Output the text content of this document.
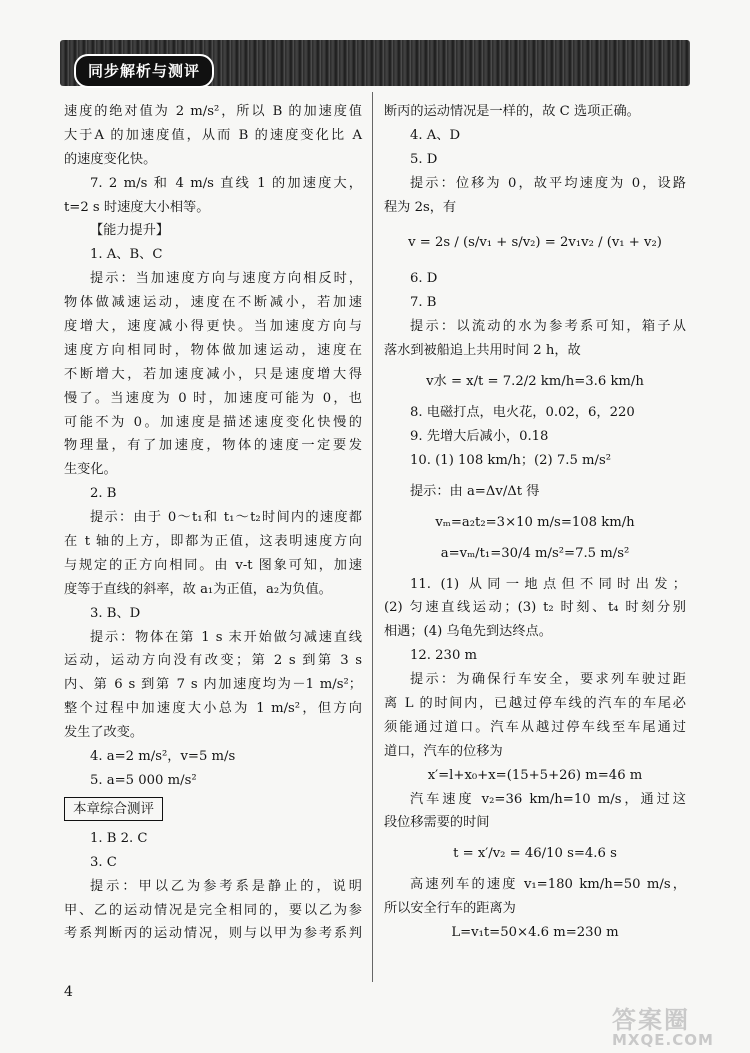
同步解析与测评
速度的绝对值为 2 m/s²，所以 B 的加速度值
大于A 的加速度值，从而 B 的速度变化比 A
的速度变化快。
7. 2 m/s 和 4 m/s 直线 1 的加速度大，
t=2 s 时速度大小相等。
【能力提升】
1. A、B、C
提示：当加速度方向与速度方向相反时，
物体做减速运动，速度在不断减小，若加速
度增大，速度减小得更快。当加速度方向与
速度方向相同时，物体做加速运动，速度在
不断增大，若加速度减小，只是速度增大得
慢了。当速度为 0 时，加速度可能为 0，也
可能不为 0。加速度是描述速度变化快慢的
物理量，有了加速度，物体的速度一定要发
生变化。
2. B
提示：由于 0～t₁和 t₁～t₂时间内的速度都
在 t 轴的上方，即都为正值，这表明速度方向
与规定的正方向相同。由 v-t 图象可知，加速
度等于直线的斜率，故 a₁为正值，a₂为负值。
3. B、D
提示：物体在第 1 s 末开始做匀减速直线
运动，运动方向没有改变；第 2 s 到第 3 s
内、第 6 s 到第 7 s 内加速度均为－1 m/s²；
整个过程中加速度大小总为 1 m/s²，但方向
发生了改变。
4. a=2 m/s²，v=5 m/s
5. a=5 000 m/s²
本章综合测评
1. B 2. C
3. C
提示：甲以乙为参考系是静止的，说明
甲、乙的运动情况是完全相同的，要以乙为参
考系判断丙的运动情况，则与以甲为参考系判
断丙的运动情况是一样的，故 C 选项正确。
4. A、D
5. D
提示：位移为 0，故平均速度为 0，设路
程为 2s，有
v = 2s / (s/v₁ + s/v₂) = 2v₁v₂ / (v₁ + v₂)
6. D
7. B
提示：以流动的水为参考系可知，箱子从
落水到被船追上共用时间 2 h，故
v水 = x/t = 7.2/2 km/h=3.6 km/h
8. 电磁打点，电火花，0.02，6，220
9. 先增大后减小，0.18
10. (1) 108 km/h；(2) 7.5 m/s²
提示：由 a=Δv/Δt 得
vₘ=a₂t₂=3×10 m/s=108 km/h
a=vₘ/t₁=30/4 m/s²=7.5 m/s²
11. (1) 从同一地点但不同时出发；
(2) 匀速直线运动；(3) t₂ 时刻、t₄ 时刻分别
相遇；(4) 乌龟先到达终点。
12. 230 m
提示：为确保行车安全，要求列车驶过距
离 L 的时间内，已越过停车线的汽车的车尾必
须能通过道口。汽车从越过停车线至车尾通过
道口，汽车的位移为
x′=l+x₀+x=(15+5+26) m=46 m
汽车速度 v₂=36 km/h=10 m/s，通过这
段位移需要的时间
t = x′/v₂ = 46/10 s=4.6 s
高速列车的速度 v₁=180 km/h=50 m/s，
所以安全行车的距离为
L=v₁t=50×4.6 m=230 m
4
答案圈
MXQE.COM
